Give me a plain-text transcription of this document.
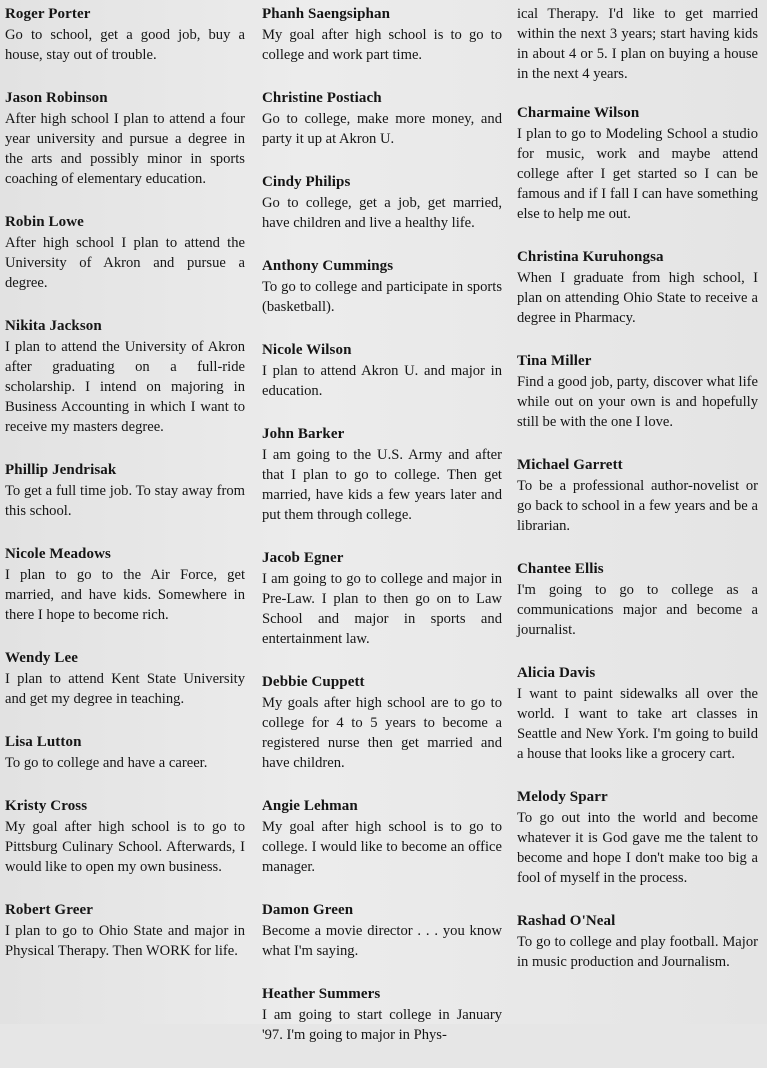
Roger Porter

Go to school, get a good job, buy a house, stay out of trouble.

Jason Robinson

After high school I plan to attend a four year university and pursue a degree in the arts and possibly minor in sports coaching of elementary education.

Robin Lowe

After high school I plan to attend the University of Akron and pursue a degree.

Nikita Jackson

I plan to attend the University of Akron after graduating on a full-ride scholarship. I intend on majoring in Business Accounting in which I want to receive my masters degree.

Phillip Jendrisak

To get a full time job. To stay away from this school.

Nicole Meadows

I plan to go to the Air Force, get married, and have kids. Somewhere in there I hope to become rich.

Wendy Lee

I plan to attend Kent State University and get my degree in teaching.

Lisa Lutton

To go to college and have a career.

Kristy Cross

My goal after high school is to go to Pittsburg Culinary School. Afterwards, I would like to open my own business.

Robert Greer

I plan to go to Ohio State and major in Physical Therapy. Then WORK for life.

Phanh Saengsiphan

My goal after high school is to go to college and work part time.

Christine Postiach

Go to college, make more money, and party it up at Akron U.

Cindy Philips

Go to college, get a job, get married, have children and live a healthy life.

Anthony Cummings

To go to college and participate in sports (basketball).

Nicole Wilson

I plan to attend Akron U. and major in education.

John Barker

I am going to the U.S. Army and after that I plan to go to college. Then get married, have kids a few years later and put them through college.

Jacob Egner

I am going to go to college and major in Pre-Law. I plan to then go on to Law School and major in sports and entertainment law.

Debbie Cuppett

My goals after high school are to go to college for 4 to 5 years to become a registered nurse then get married and have children.

Angie Lehman

My goal after high school is to go to college. I would like to become an office manager.

Damon Green

Become a movie director . . . you know what I'm saying.

Heather Summers

I am going to start college in January '97. I'm going to major in Phys-

ical Therapy. I'd like to get married within the next 3 years; start having kids in about 4 or 5. I plan on buying a house in the next 4 years.

Charmaine Wilson

I plan to go to Modeling School a studio for music, work and maybe attend college after I get started so I can be famous and if I fall I can have something else to help me out.

Christina Kuruhongsa

When I graduate from high school, I plan on attending Ohio State to receive a degree in Pharmacy.

Tina Miller

Find a good job, party, discover what life while out on your own is and hopefully still be with the one I love.

Michael Garrett

To be a professional author-novelist or go back to school in a few years and be a librarian.

Chantee Ellis

I'm going to go to college as a communications major and become a journalist.

Alicia Davis

I want to paint sidewalks all over the world. I want to take art classes in Seattle and New York. I'm going to build a house that looks like a grocery cart.

Melody Sparr

To go out into the world and become whatever it is God gave me the talent to become and hope I don't make too big a fool of myself in the process.

Rashad O'Neal

To go to college and play football. Major in music production and Journalism.
